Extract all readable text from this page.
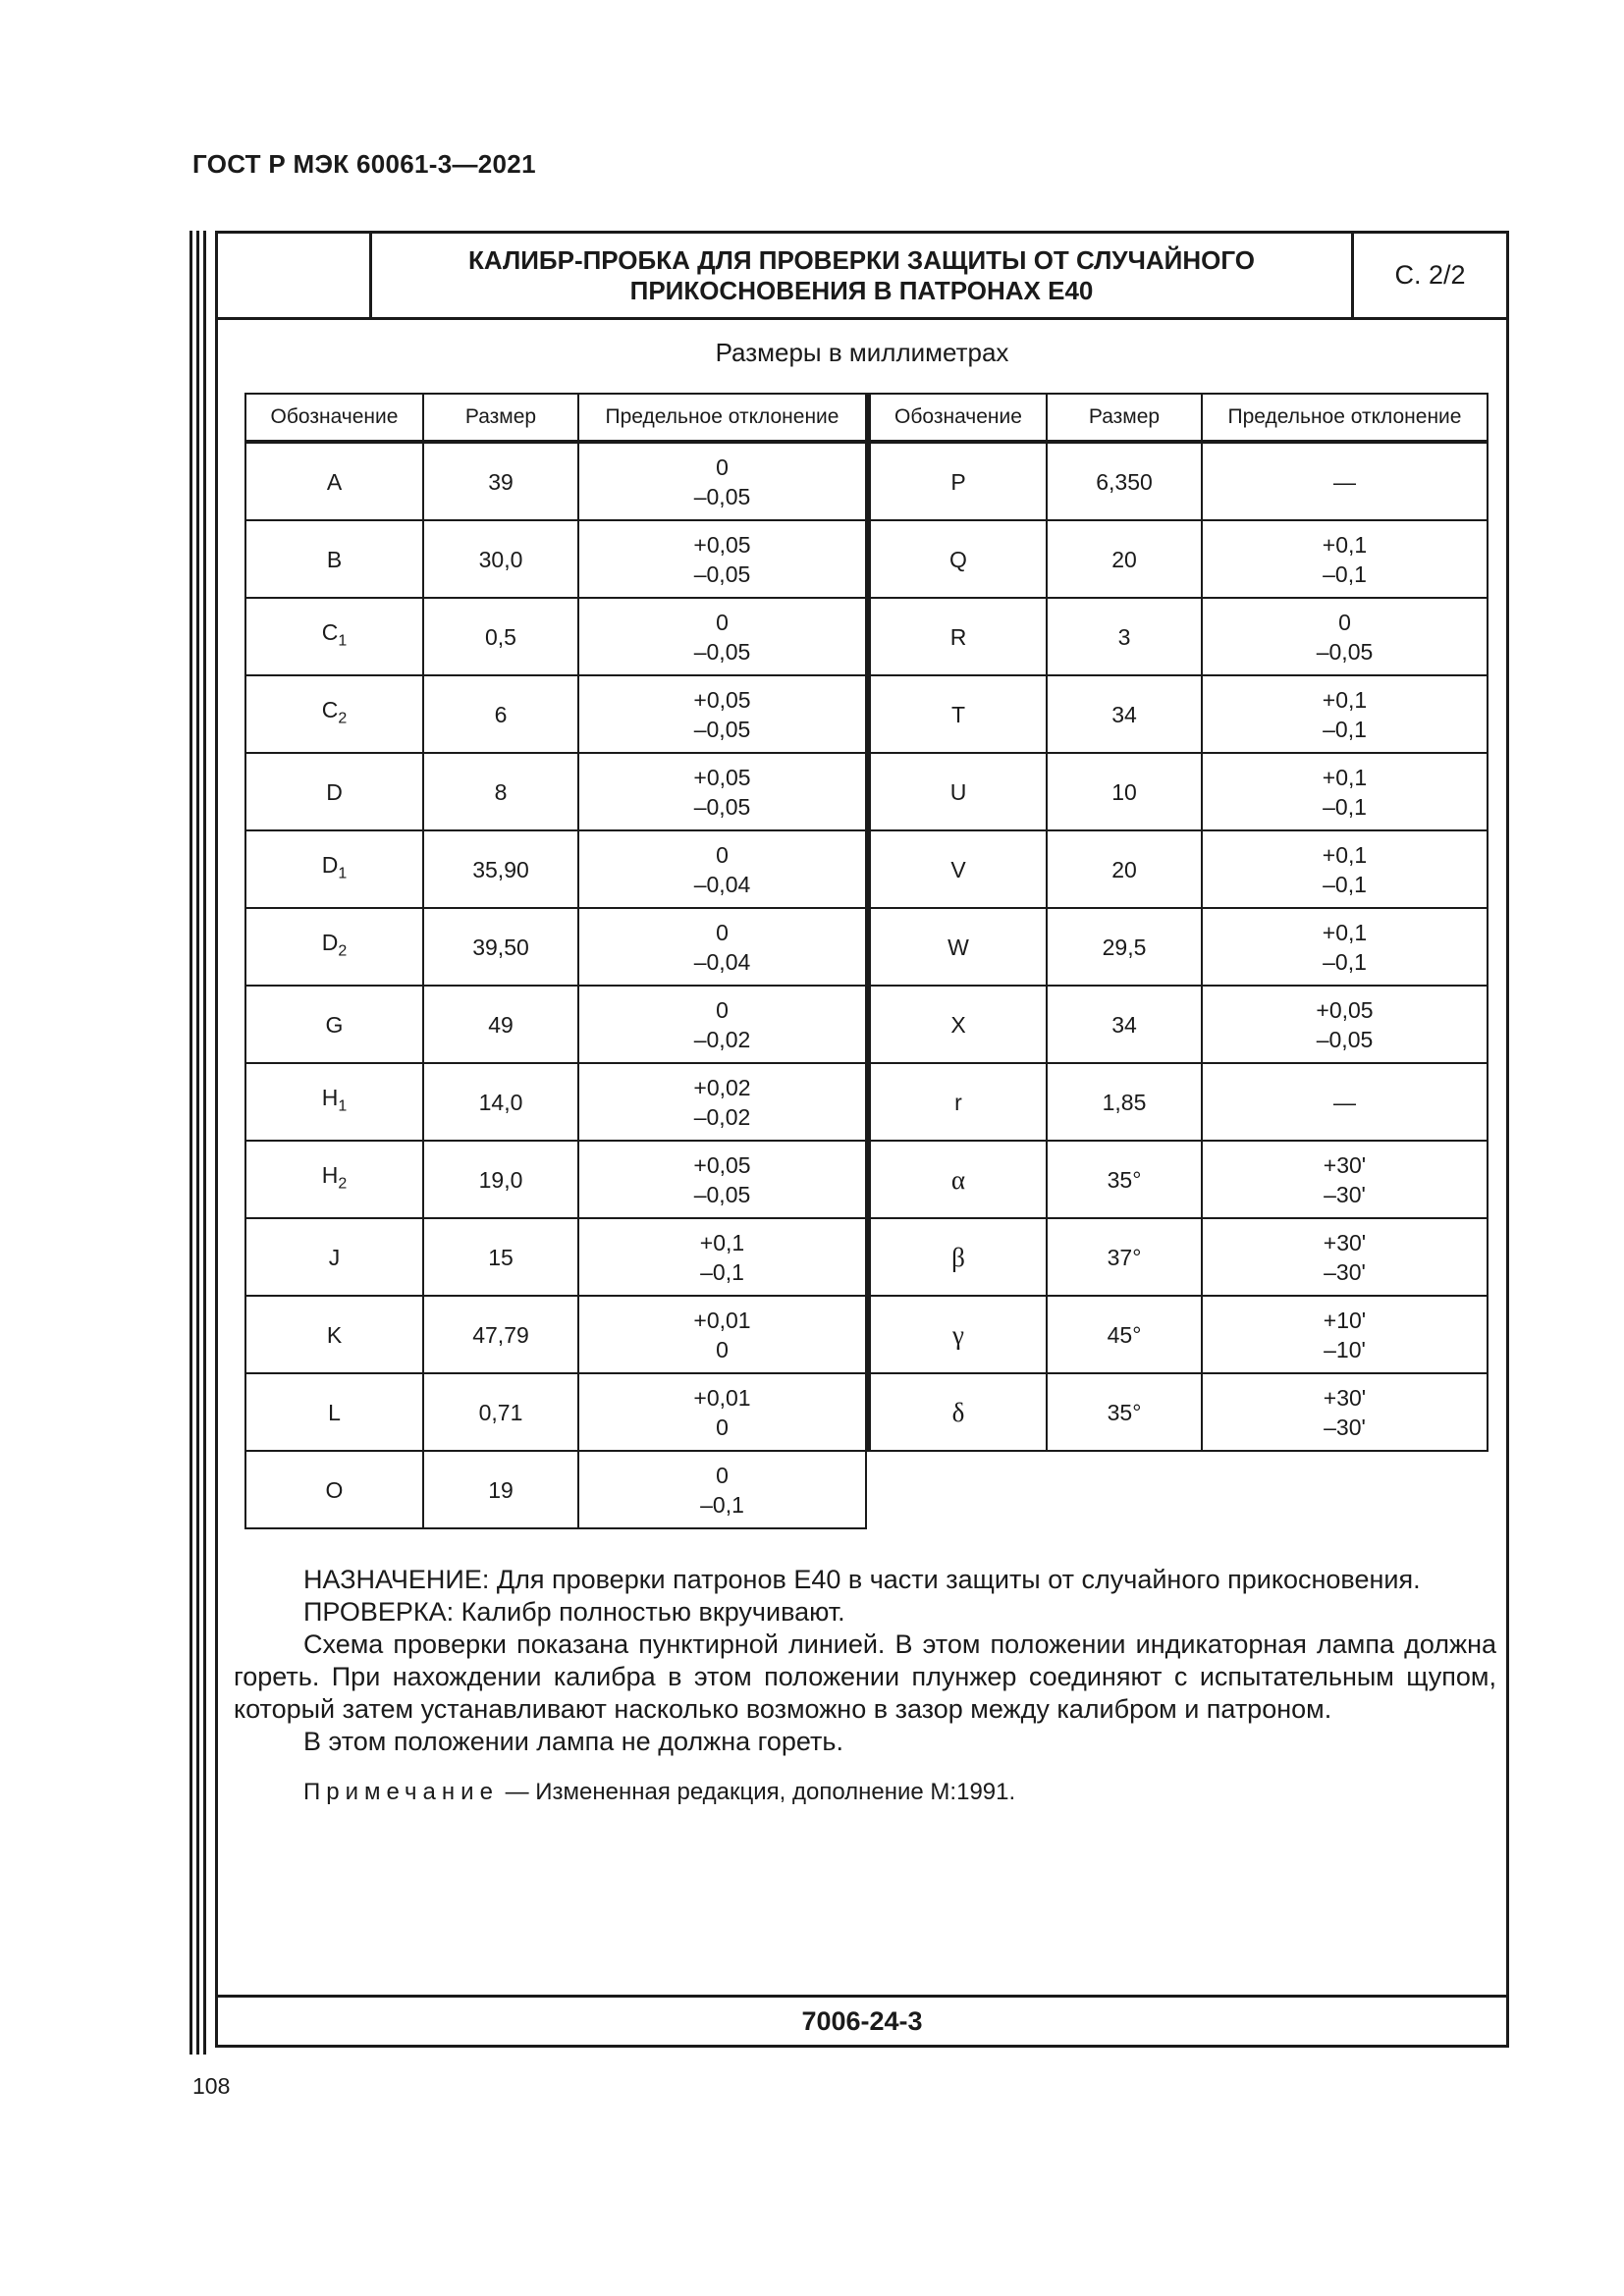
ГОСТ Р МЭК 60061-3—2021
КАЛИБР-ПРОБКА ДЛЯ ПРОВЕРКИ ЗАЩИТЫ ОТ СЛУЧАЙНОГО
ПРИКОСНОВЕНИЯ В ПАТРОНАХ Е40
С. 2/2
Размеры в миллиметрах
Обозначение	Размер	Предельное отклонение
A	39	0
–0,05

B	30,0	+0,05
–0,05

$C_1$	0,5	0
–0,05

$C_2$	6	+0,05
–0,05

D	8	+0,05
–0,05

$D_1$	35,90	0
–0,04

$D_2$	39,50	0
–0,04

G	49	0
–0,02

$H_1$	14,0	+0,02
–0,02

$H_2$	19,0	+0,05
–0,05

J	15	+0,1
–0,1

K	47,79	+0,01
0

L	0,71	+0,01
0

O	19	0
–0,1
Обозначение	Размер	Предельное отклонение
P	6,350	—

Q	20	+0,1
–0,1

R	3	0
–0,05

T	34	+0,1
–0,1

U	10	+0,1
–0,1

V	20	+0,1
–0,1

W	29,5	+0,1
–0,1

X	34	+0,05
–0,05

r	1,85	—

α	35°	+30'
–30'

β	37°	+30'
–30'

γ	45°	+10'
–10'

δ	35°	+30'
–30'

НАЗНАЧЕНИЕ: Для проверки патронов Е40 в части защиты от случайного прикосновения.

ПРОВЕРКА: Калибр полностью вкручивают.

Схема проверки показана пунктирной линией. В этом положении индикаторная лампа должна гореть. При нахождении калибра в этом положении плунжер соединяют с испытательным щупом, который затем устанавливают насколько возможно в зазор между калибром и патроном.

В этом положении лампа не должна гореть.

Примечание — Измененная редакция, дополнение М:1991.
7006-24-3
108
